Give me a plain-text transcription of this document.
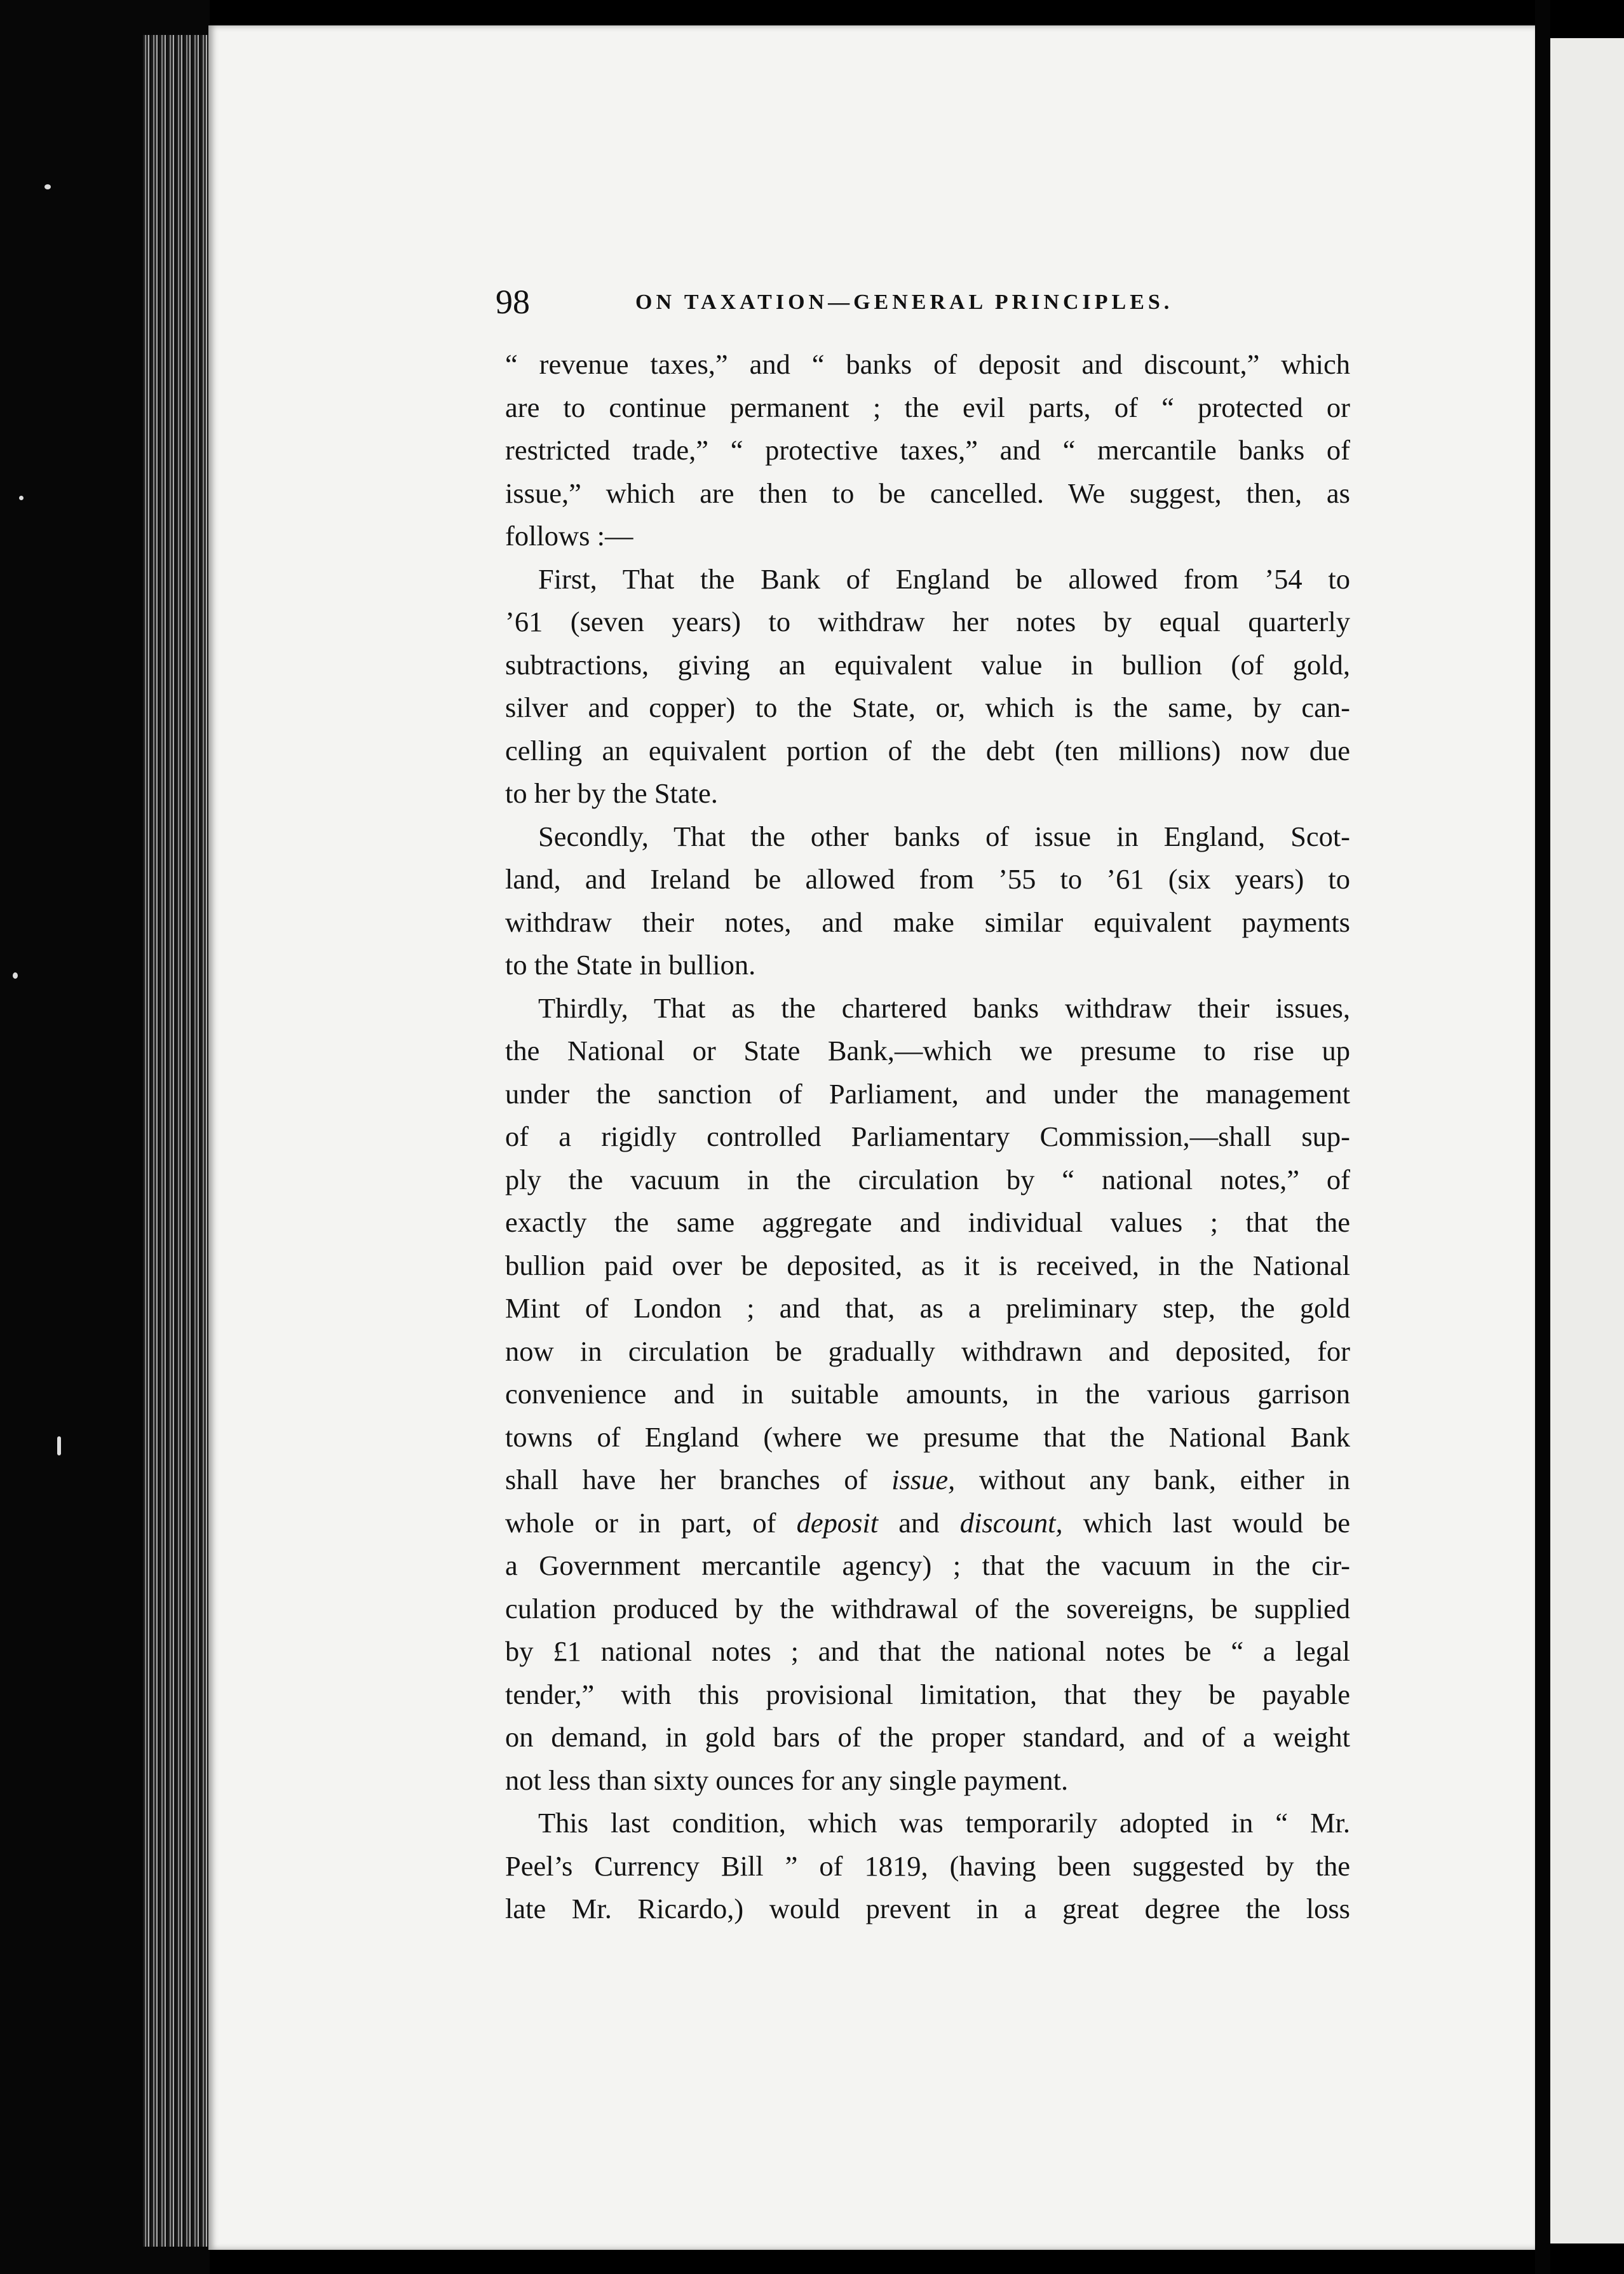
98	ON TAXATION—GENERAL PRINCIPLES.
“ revenue taxes,” and “ banks of deposit and discount,” which
are to continue permanent ; the evil parts, of “ protected or
restricted trade,” “ protective taxes,” and “ mercantile banks of
issue,” which are then to be cancelled. We suggest, then, as
follows :—
First, That the Bank of England be allowed from ’54 to
’61 (seven years) to withdraw her notes by equal quarterly
subtractions, giving an equivalent value in bullion (of gold,
silver and copper) to the State, or, which is the same, by can-
celling an equivalent portion of the debt (ten millions) now due
to her by the State.
Secondly, That the other banks of issue in England, Scot-
land, and Ireland be allowed from ’55 to ’61 (six years) to
withdraw their notes, and make similar equivalent payments
to the State in bullion.
Thirdly, That as the chartered banks withdraw their issues,
the National or State Bank,—which we presume to rise up
under the sanction of Parliament, and under the management
of a rigidly controlled Parliamentary Commission,—shall sup-
ply the vacuum in the circulation by “ national notes,” of
exactly the same aggregate and individual values ; that the
bullion paid over be deposited, as it is received, in the National
Mint of London ; and that, as a preliminary step, the gold
now in circulation be gradually withdrawn and deposited, for
convenience and in suitable amounts, in the various garrison
towns of England (where we presume that the National Bank
shall have her branches of issue, without any bank, either in
whole or in part, of deposit and discount, which last would be
a Government mercantile agency) ; that the vacuum in the cir-
culation produced by the withdrawal of the sovereigns, be supplied
by £1 national notes ; and that the national notes be “ a legal
tender,” with this provisional limitation, that they be payable
on demand, in gold bars of the proper standard, and of a weight
not less than sixty ounces for any single payment.
This last condition, which was temporarily adopted in “ Mr.
Peel’s Currency Bill ” of 1819, (having been suggested by the
late Mr. Ricardo,) would prevent in a great degree the loss
